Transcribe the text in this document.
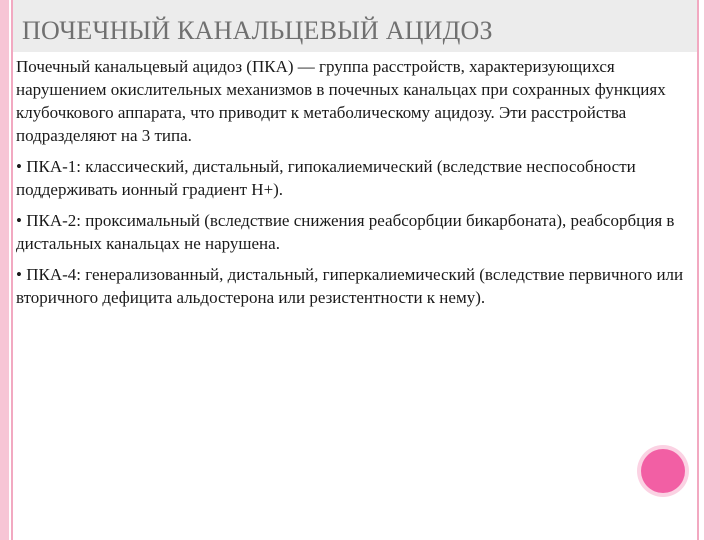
ПОЧЕЧНЫЙ КАНАЛЬЦЕВЫЙ АЦИДОЗ

Почечный канальцевый ацидоз (ПКА) — группа расстройств, характеризующихся нарушением окислительных механизмов в почечных канальцах при сохранных функциях клубочкового аппарата, что приводит к метаболическому ацидозу. Эти расстройства подразделяют на 3 типа.

• ПКА-1: классический, дистальный, гипокалиемический (вследствие неспособности поддерживать ионный градиент Н+).

• ПКА-2: проксимальный (вследствие снижения реабсорбции бикарбоната), реабсорбция в дистальных канальцах не нарушена.

• ПКА-4: генерализованный, дистальный, гиперкалиемический (вследствие первичного или вторичного дефицита альдостерона или резистентности к нему).
